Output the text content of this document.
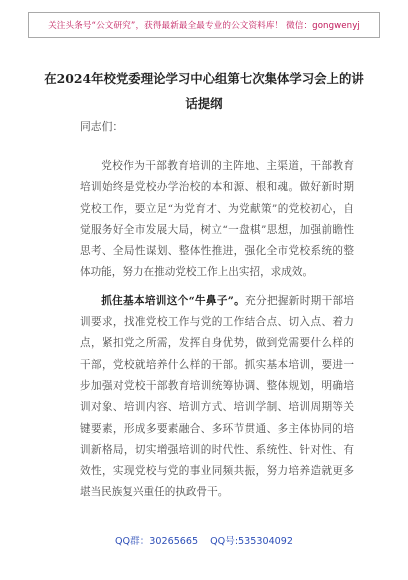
关注头条号“公文研究”，获得最新最全最专业的公文资料库！ 微信：gongwenyj
在2024年校党委理论学习中心组第七次集体学习会上的讲话提纲
同志们：

党校作为干部教育培训的主阵地、主渠道，干部教育培训始终是党校办学治校的本和源、根和魂。做好新时期党校工作，要立足“为党育才、为党献策”的党校初心，自觉服务好全市发展大局，树立“一盘棋”思想，加强前瞻性思考、全局性谋划、整体性推进，强化全市党校系统的整体功能，努力在推动党校工作上出实招，求成效。

抓住基本培训这个“牛鼻子”。充分把握新时期干部培训要求，找准党校工作与党的工作结合点、切入点、着力点，紧扣党之所需，发挥自身优势，做到党需要什么样的干部，党校就培养什么样的干部。抓实基本培训，要进一步加强对党校干部教育培训统筹协调、整体规划，明确培训对象、培训内容、培训方式、培训学制、培训周期等关键要素，形成多要素融合、多环节贯通、多主体协同的培训新格局，切实增强培训的时代性、系统性、针对性、有效性，实现党校与党的事业同频共振，努力培养造就更多堪当民族复兴重任的执政骨干。

QQ群：30265665 QQ号:535304092
